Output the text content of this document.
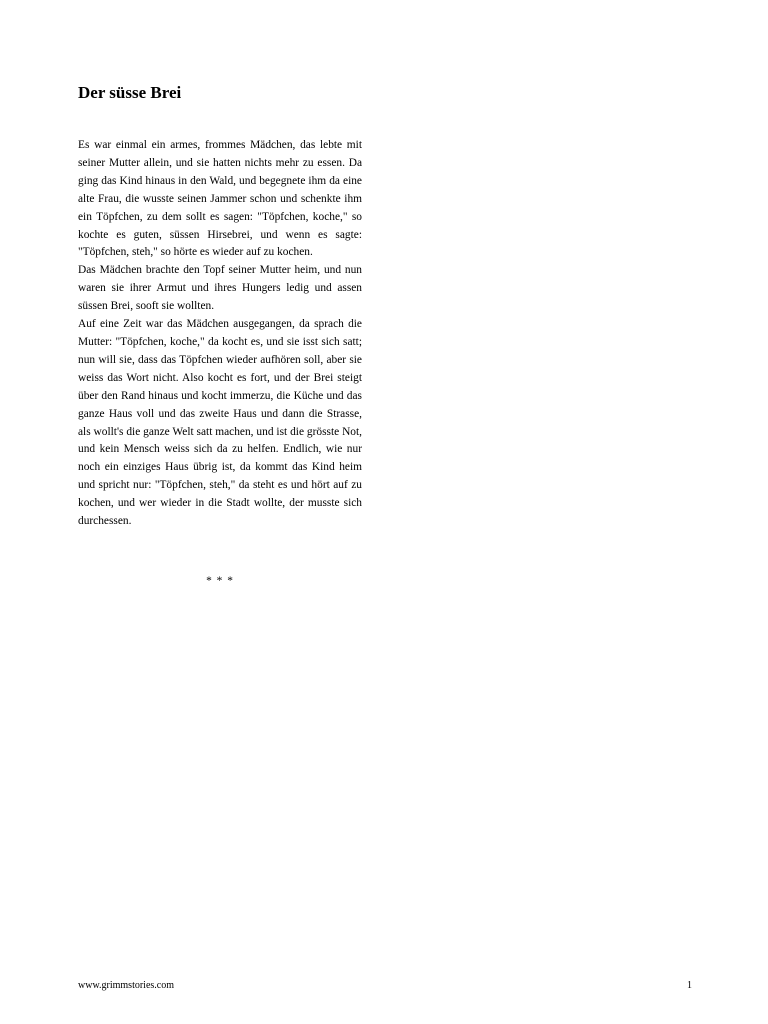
Der süsse Brei

Es war einmal ein armes, frommes Mädchen, das lebte mit seiner Mutter allein, und sie hatten nichts mehr zu essen. Da ging das Kind hinaus in den Wald, und begegnete ihm da eine alte Frau, die wusste seinen Jammer schon und schenkte ihm ein Töpfchen, zu dem sollt es sagen: "Töpfchen, koche," so kochte es guten, süssen Hirsebrei, und wenn es sagte: "Töpfchen, steh," so hörte es wieder auf zu kochen.

Das Mädchen brachte den Topf seiner Mutter heim, und nun waren sie ihrer Armut und ihres Hungers ledig und assen süssen Brei, sooft sie wollten.

Auf eine Zeit war das Mädchen ausgegangen, da sprach die Mutter: "Töpfchen, koche," da kocht es, und sie isst sich satt; nun will sie, dass das Töpfchen wieder aufhören soll, aber sie weiss das Wort nicht. Also kocht es fort, und der Brei steigt über den Rand hinaus und kocht immerzu, die Küche und das ganze Haus voll und das zweite Haus und dann die Strasse, als wollt's die ganze Welt satt machen, und ist die grösste Not, und kein Mensch weiss sich da zu helfen. Endlich, wie nur noch ein einziges Haus übrig ist, da kommt das Kind heim und spricht nur: "Töpfchen, steh," da steht es und hört auf zu kochen, und wer wieder in die Stadt wollte, der musste sich durchessen.

* * *
www.grimmstories.com	1
